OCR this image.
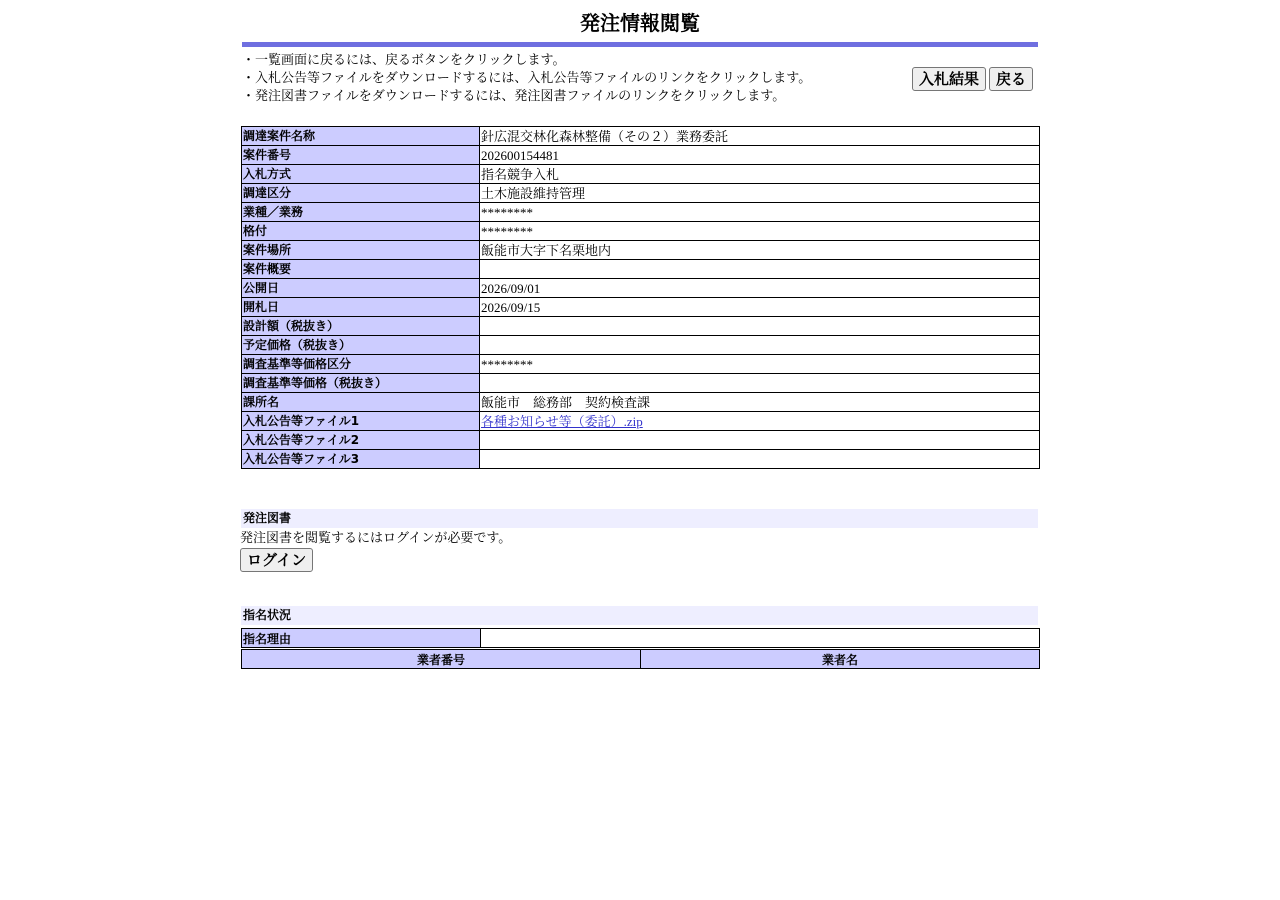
発注情報閲覧
・一覧画面に戻るには、戻るボタンをクリックします。
・入札公告等ファイルをダウンロードするには、入札公告等ファイルのリンクをクリックします。
・発注図書ファイルをダウンロードするには、発注図書ファイルのリンクをクリックします。
入札結果	戻る
調達案件名称	針広混交林化森林整備（その２）業務委託
案件番号	202600154481
入札方式	指名競争入札
調達区分	土木施設維持管理
業種／業務	********
格付	********
案件場所	飯能市大字下名栗地内
案件概要	
公開日	2026/09/01
開札日	2026/09/15
設計額（税抜き）	
予定価格（税抜き）	
調査基準等価格区分	********
調査基準等価格（税抜き）	
課所名	飯能市　総務部　契約検査課
入札公告等ファイル1	各種お知らせ等（委託）.zip
入札公告等ファイル2	
入札公告等ファイル3	
発注図書
発注図書を閲覧するにはログインが必要です。
ログイン
指名状況
指名理由	
業者番号	業者名
